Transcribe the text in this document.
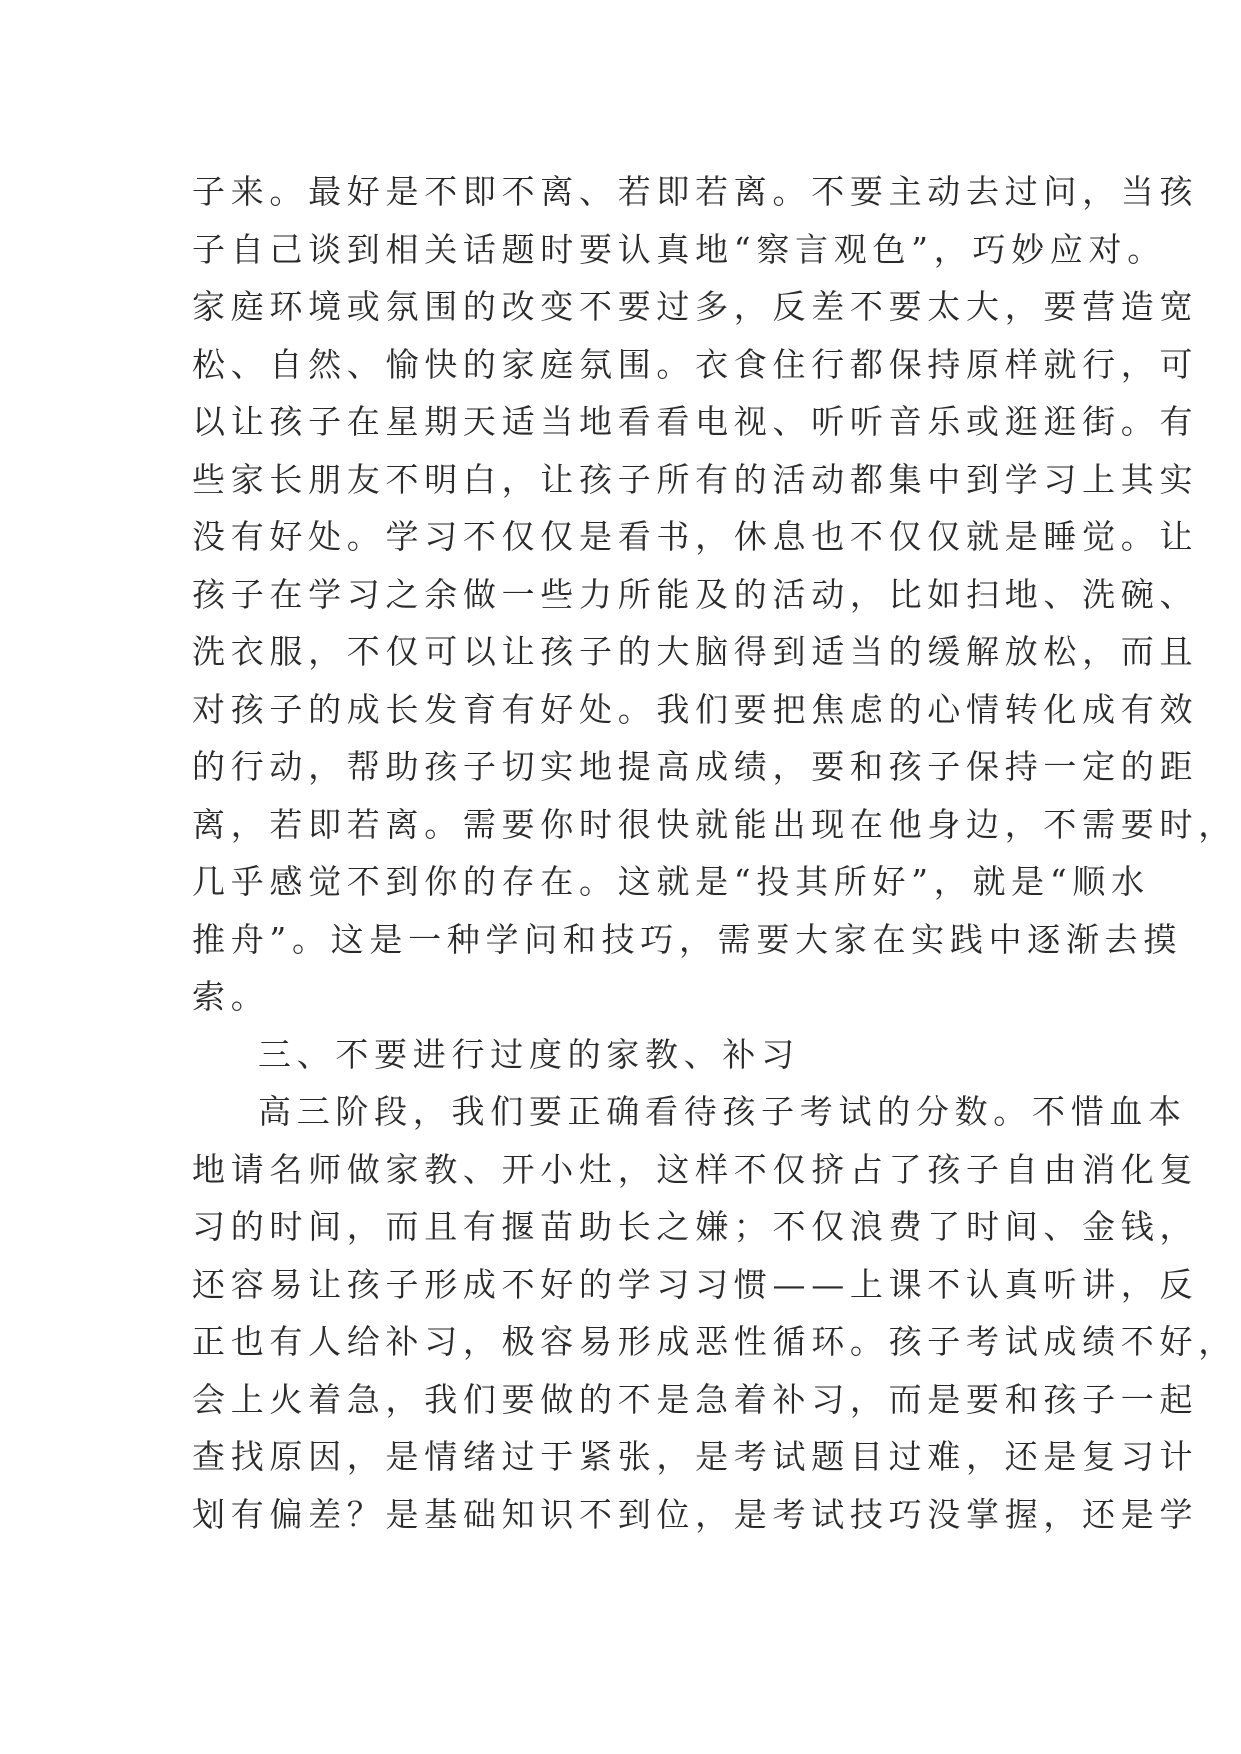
子来。最好是不即不离、若即若离。不要主动去过问，当孩
子自己谈到相关话题时要认真地“察言观色”，巧妙应对。
家庭环境或氛围的改变不要过多，反差不要太大，要营造宽
松、自然、愉快的家庭氛围。衣食住行都保持原样就行，可
以让孩子在星期天适当地看看电视、听听音乐或逛逛街。有
些家长朋友不明白，让孩子所有的活动都集中到学习上其实
没有好处。学习不仅仅是看书，休息也不仅仅就是睡觉。让
孩子在学习之余做一些力所能及的活动，比如扫地、洗碗、
洗衣服，不仅可以让孩子的大脑得到适当的缓解放松，而且
对孩子的成长发育有好处。我们要把焦虑的心情转化成有效
的行动，帮助孩子切实地提高成绩，要和孩子保持一定的距
离，若即若离。需要你时很快就能出现在他身边，不需要时，
几乎感觉不到你的存在。这就是“投其所好”，就是“顺水
推舟”。这是一种学问和技巧，需要大家在实践中逐渐去摸
索。
三、不要进行过度的家教、补习
高三阶段，我们要正确看待孩子考试的分数。不惜血本
地请名师做家教、开小灶，这样不仅挤占了孩子自由消化复
习的时间，而且有揠苗助长之嫌；不仅浪费了时间、金钱，
还容易让孩子形成不好的学习习惯——上课不认真听讲，反
正也有人给补习，极容易形成恶性循环。孩子考试成绩不好，
会上火着急，我们要做的不是急着补习，而是要和孩子一起
查找原因，是情绪过于紧张，是考试题目过难，还是复习计
划有偏差？是基础知识不到位，是考试技巧没掌握，还是学
